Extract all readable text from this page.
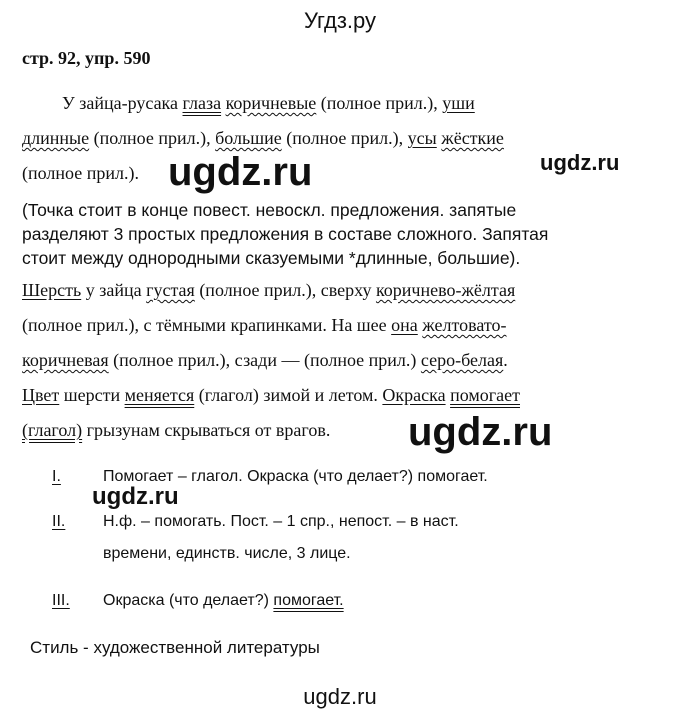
Угдз.ру
стр. 92, упр. 590
У зайца-русака глаза коричневые (полное прил.), уши
длинные (полное прил.), большие (полное прил.), усы жёсткие
(полное прил.). ugdz.ru	ugdz.ru
(Точка стоит в конце повест. невоскл. предложения. запятые
разделяют 3 простых предложения в составе сложного. Запятая
стоит между однородными сказуемыми *длинные, большие).
Шерсть у зайца густая (полное прил.), сверху коричнево-жёлтая
(полное прил.), с тёмными крапинками. На шее она желтовато-
коричневая (полное прил.), сзади — (полное прил.) серо-белая.
Цвет шерсти меняется (глагол) зимой и летом. Окраска помогает
(глагол) грызунам скрываться от врагов. ugdz.ru
I.	Помогает – глагол. Окраска (что делает?) помогает.
ugdz.ru
II. Н.ф. – помогать. Пост. – 1 спр., непост. – в наст.
времени, единств. числе, 3 лице.
III. Окраска (что делает?) помогает.
Стиль - художественной литературы
ugdz.ru
